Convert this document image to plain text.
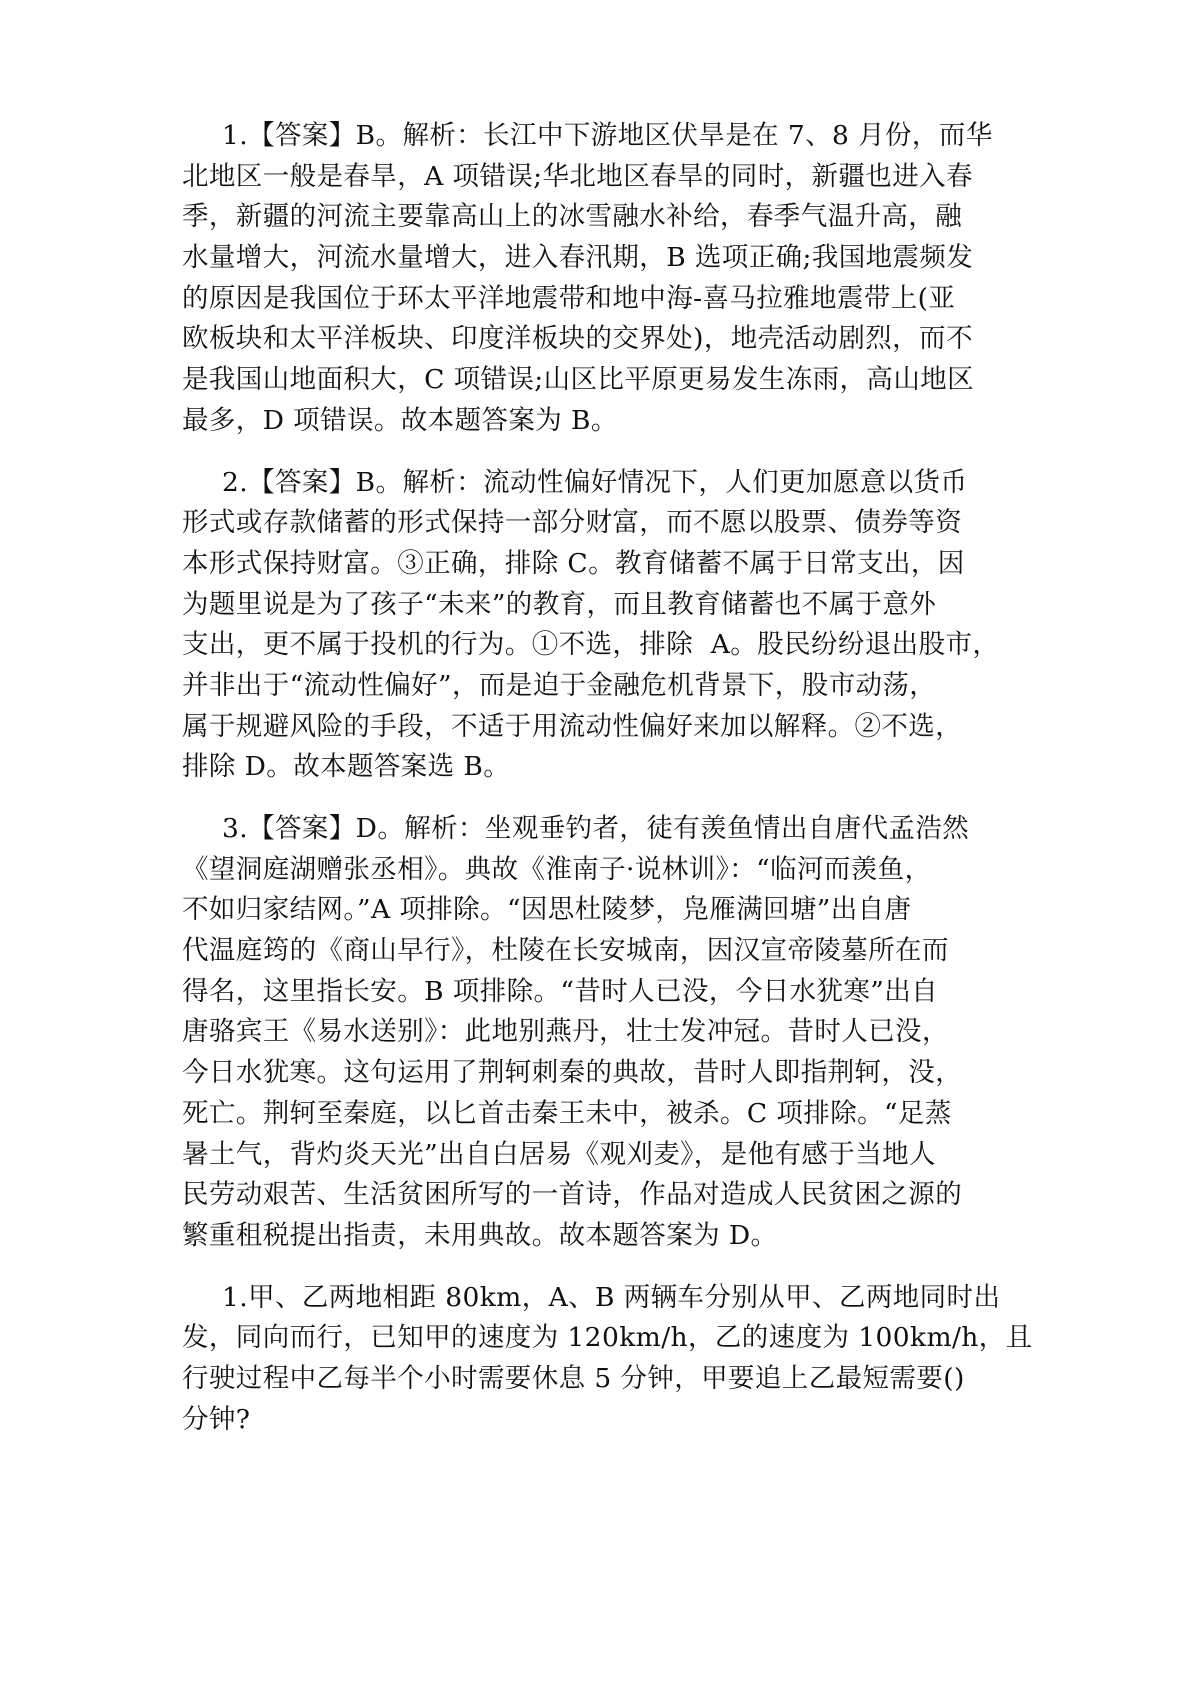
1.【答案】B。解析：长江中下游地区伏旱是在 7、8 月份，而华
北地区一般是春旱，A 项错误;华北地区春旱的同时，新疆也进入春
季，新疆的河流主要靠高山上的冰雪融水补给，春季气温升高，融
水量增大，河流水量增大，进入春汛期，B 选项正确;我国地震频发
的原因是我国位于环太平洋地震带和地中海-喜马拉雅地震带上(亚
欧板块和太平洋板块、印度洋板块的交界处)，地壳活动剧烈，而不
是我国山地面积大，C 项错误;山区比平原更易发生冻雨，高山地区
最多，D 项错误。故本题答案为 B。
2.【答案】B。解析：流动性偏好情况下，人们更加愿意以货币
形式或存款储蓄的形式保持一部分财富，而不愿以股票、债券等资
本形式保持财富。③正确，排除 C。教育储蓄不属于日常支出，因
为题里说是为了孩子“未来”的教育，而且教育储蓄也不属于意外
支出，更不属于投机的行为。①不选，排除  A。股民纷纷退出股市，
并非出于“流动性偏好”，而是迫于金融危机背景下，股市动荡，
属于规避风险的手段，不适于用流动性偏好来加以解释。②不选，
排除 D。故本题答案选 B。
3.【答案】D。解析：坐观垂钓者，徒有羡鱼情出自唐代孟浩然
《望洞庭湖赠张丞相》。典故《淮南子·说林训》：“临河而羡鱼，
不如归家结网。”A 项排除。“因思杜陵梦，凫雁满回塘”出自唐
代温庭筠的《商山早行》，杜陵在长安城南，因汉宣帝陵墓所在而
得名，这里指长安。B 项排除。“昔时人已没，今日水犹寒”出自
唐骆宾王《易水送别》：此地别燕丹，壮士发冲冠。昔时人已没，
今日水犹寒。这句运用了荆轲刺秦的典故，昔时人即指荆轲，没，
死亡。荆轲至秦庭，以匕首击秦王未中，被杀。C 项排除。“足蒸
暑土气，背灼炎天光”出自白居易《观刈麦》，是他有感于当地人
民劳动艰苦、生活贫困所写的一首诗，作品对造成人民贫困之源的
繁重租税提出指责，未用典故。故本题答案为 D。
1.甲、乙两地相距 80km，A、B 两辆车分别从甲、乙两地同时出
发，同向而行，已知甲的速度为 120km/h，乙的速度为 100km/h，且
行驶过程中乙每半个小时需要休息 5 分钟，甲要追上乙最短需要()
分钟?
